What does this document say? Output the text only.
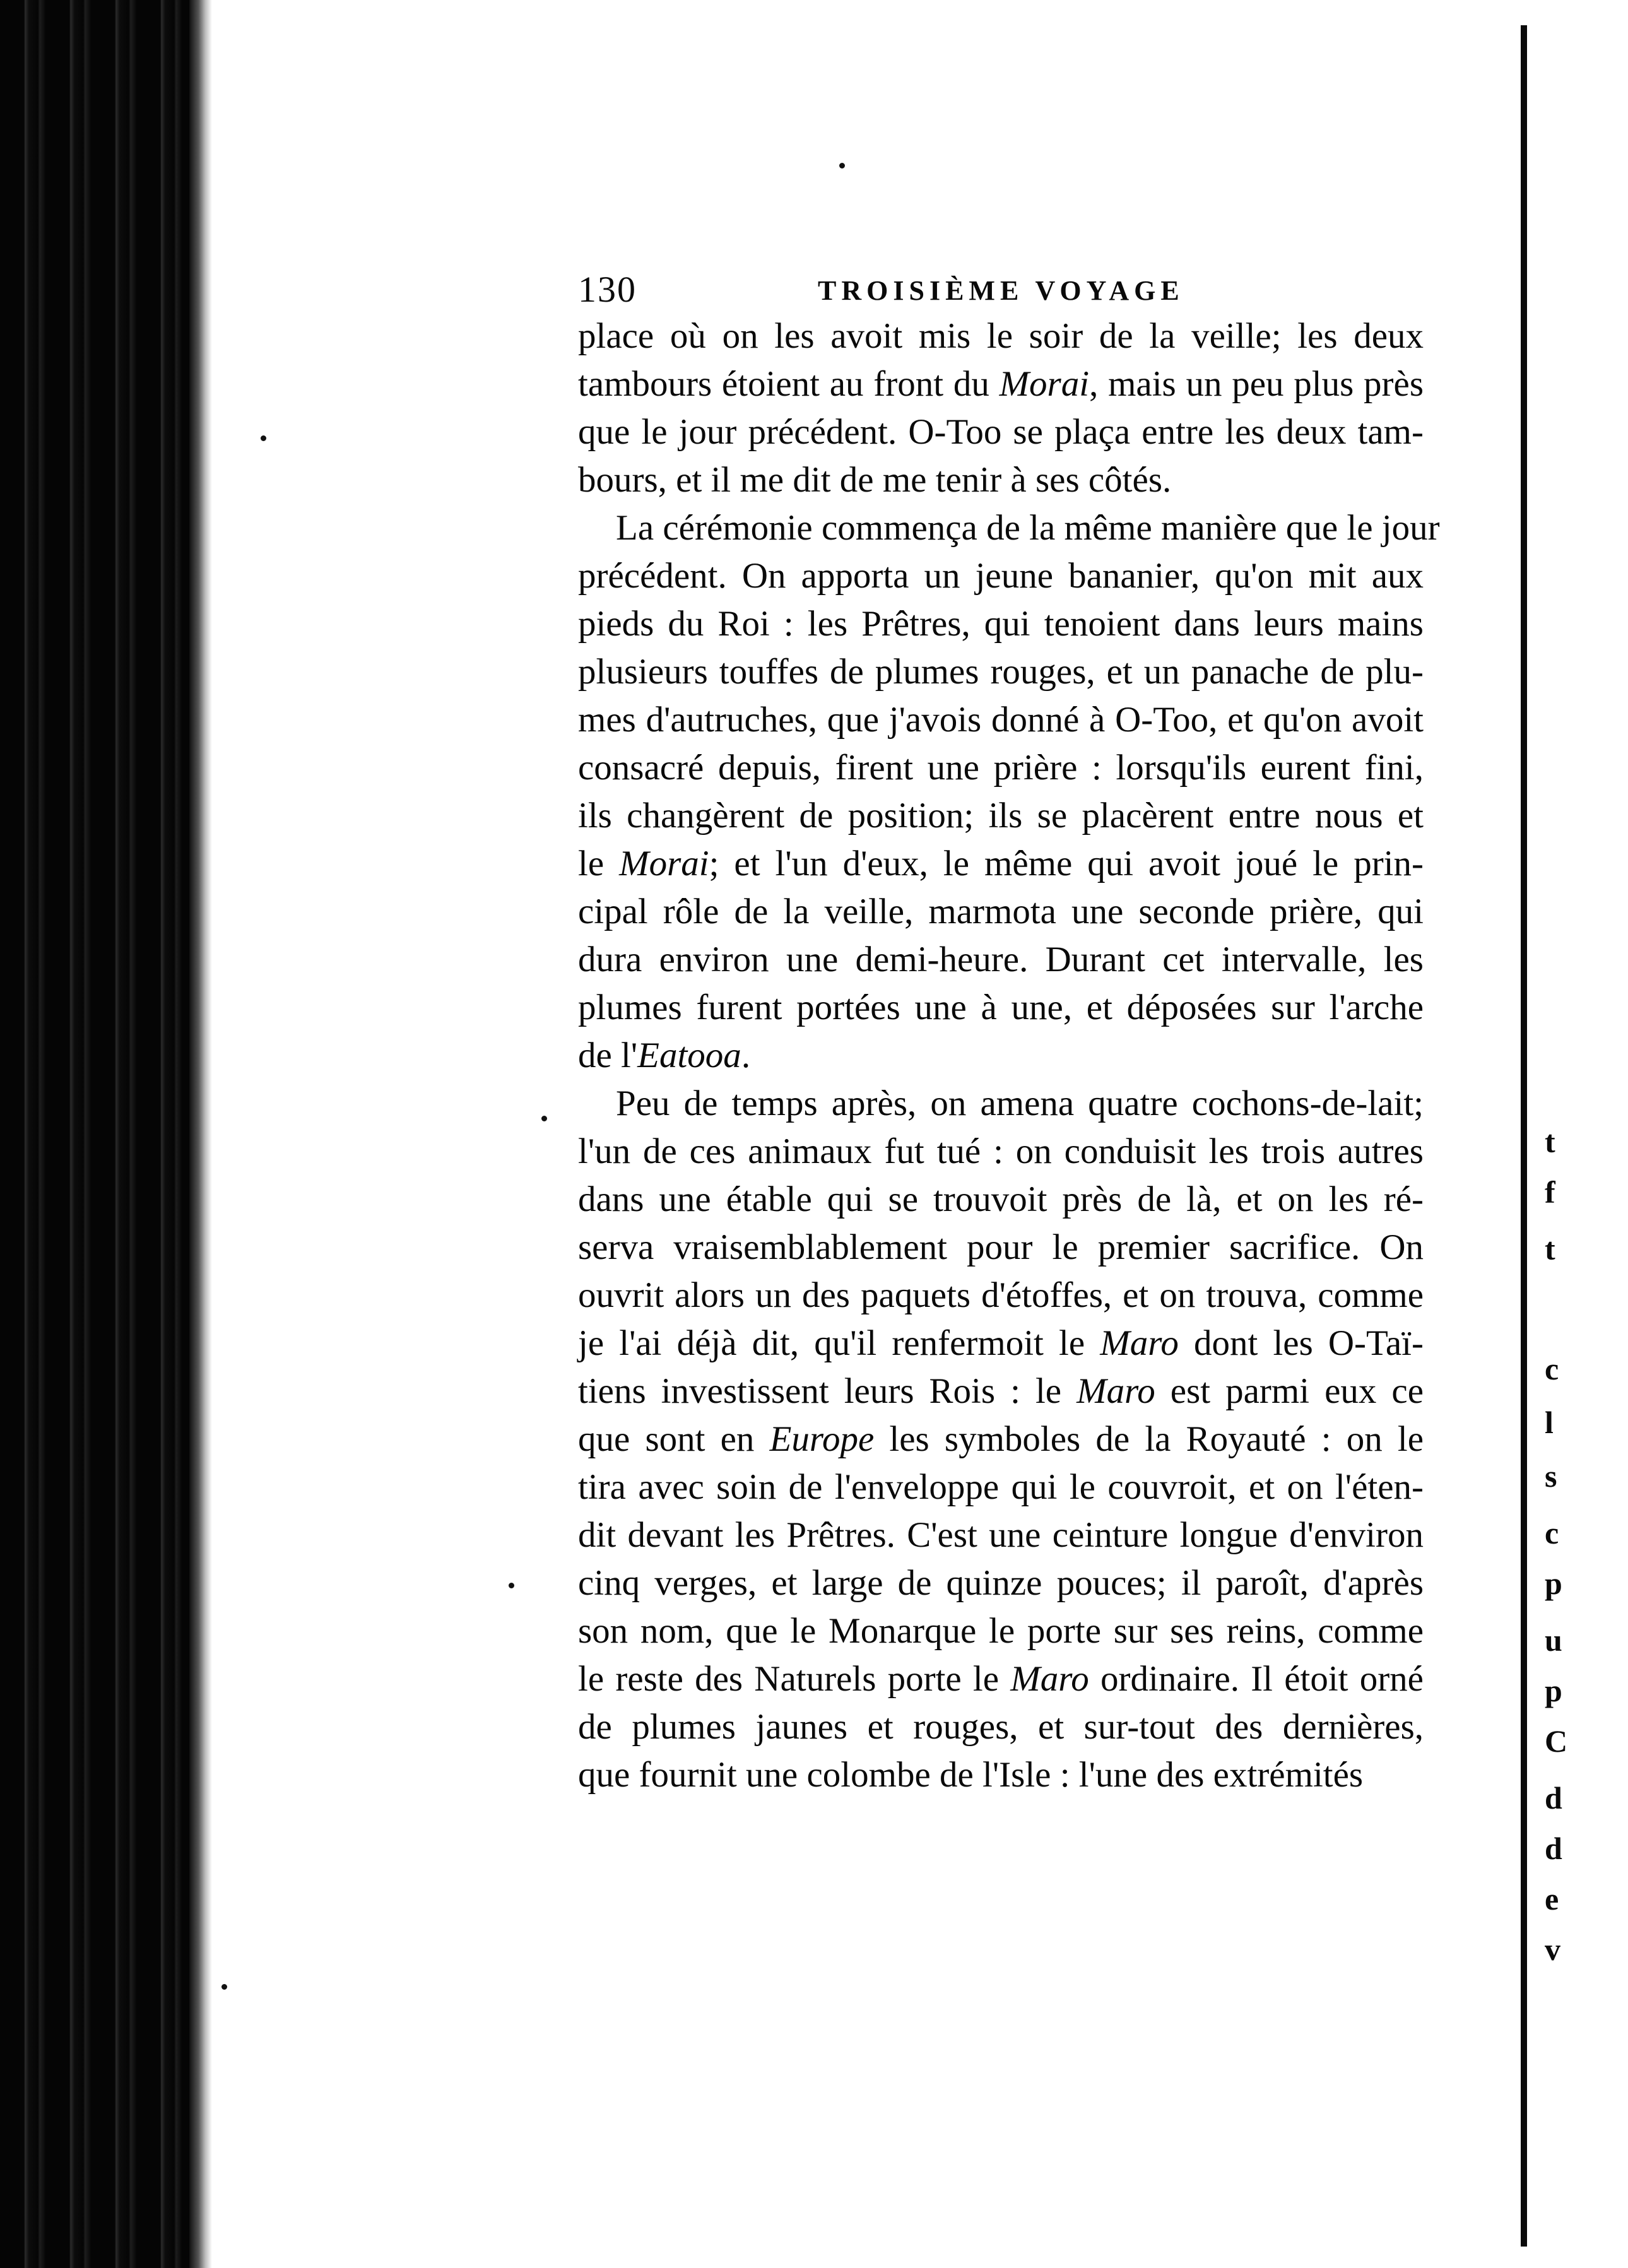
t
f
t
c
l
s
c
p
u
p
C
d
d
e
v
130	TROISIÈME VOYAGE
place où on les avoit mis le soir de la veille; les deux
tambours étoient au front du Morai, mais un peu plus près
que le jour précédent. O-Too se plaça entre les deux tam-
bours, et il me dit de me tenir à ses côtés.
La cérémonie commença de la même manière que le jour
précédent. On apporta un jeune bananier, qu'on mit aux
pieds du Roi : les Prêtres, qui tenoient dans leurs mains
plusieurs touffes de plumes rouges, et un panache de plu-
mes d'autruches, que j'avois donné à O-Too, et qu'on avoit
consacré depuis, firent une prière : lorsqu'ils eurent fini,
ils changèrent de position; ils se placèrent entre nous et
le Morai; et l'un d'eux, le même qui avoit joué le prin-
cipal rôle de la veille, marmota une seconde prière, qui
dura environ une demi-heure. Durant cet intervalle, les
plumes furent portées une à une, et déposées sur l'arche
de l'Eatooa.
Peu de temps après, on amena quatre cochons-de-lait;
l'un de ces animaux fut tué : on conduisit les trois autres
dans une étable qui se trouvoit près de là, et on les ré-
serva vraisemblablement pour le premier sacrifice. On
ouvrit alors un des paquets d'étoffes, et on trouva, comme
je l'ai déjà dit, qu'il renfermoit le Maro dont les O-Taï-
tiens investissent leurs Rois : le Maro est parmi eux ce
que sont en Europe les symboles de la Royauté : on le
tira avec soin de l'enveloppe qui le couvroit, et on l'éten-
dit devant les Prêtres. C'est une ceinture longue d'environ
cinq verges, et large de quinze pouces; il paroît, d'après
son nom, que le Monarque le porte sur ses reins, comme
le reste des Naturels porte le Maro ordinaire. Il étoit orné
de plumes jaunes et rouges, et sur-tout des dernières,
que fournit une colombe de l'Isle : l'une des extrémités
